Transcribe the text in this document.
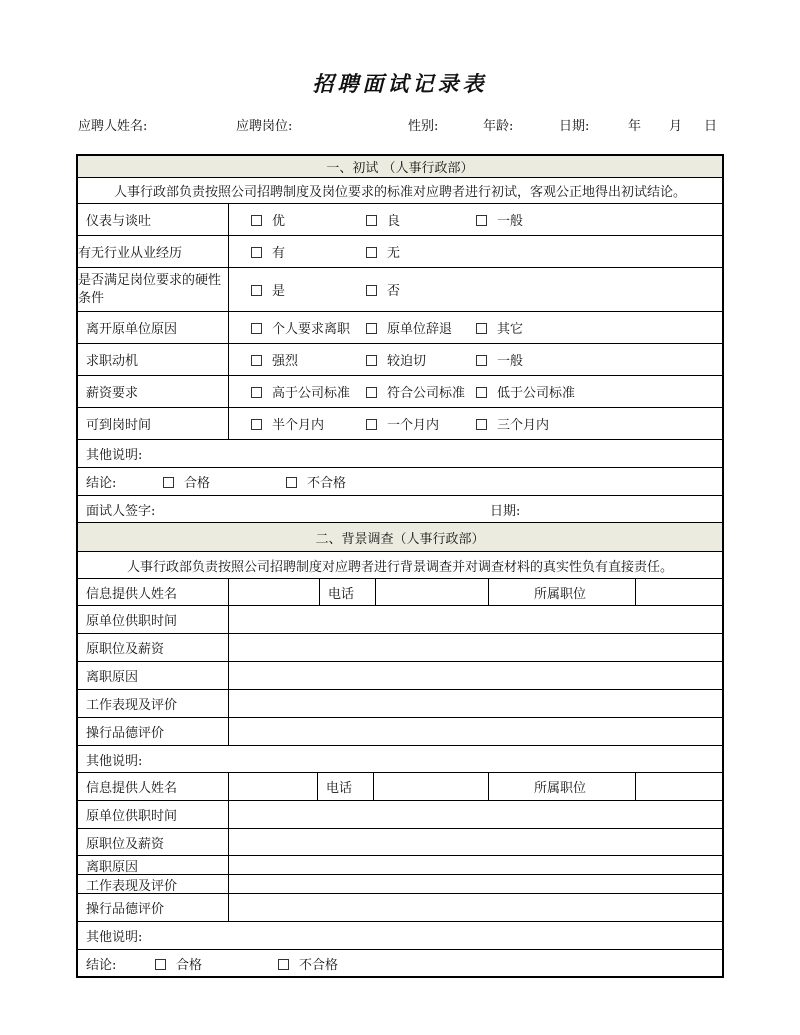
招聘面试记录表
应聘人姓名:	应聘岗位:	性别:	年龄:	日期:	年 月 日
一、初试 （人事行政部）
人事行政部负责按照公司招聘制度及岗位要求的标准对应聘者进行初试，客观公正地得出初试结论。
仪表与谈吐	优	良	一般
有无行业从业经历	有	无
是否满足岗位要求的硬性条件	是	否
离开原单位原因	个人要求离职	原单位辞退	其它
求职动机	强烈	较迫切	一般
薪资要求	高于公司标准	符合公司标准 低于公司标准
可到岗时间	半个月内	一个月内	三个月内
其他说明:
结论:	合格	不合格
面试人签字:	日期:
二、背景调查（人事行政部）
人事行政部负责按照公司招聘制度对应聘者进行背景调查并对调查材料的真实性负有直接责任。
信息提供人姓名	电话	所属职位
原单位供职时间
原职位及薪资
离职原因
工作表现及评价
操行品德评价
其他说明:
信息提供人姓名	电话	所属职位
原单位供职时间
原职位及薪资
离职原因
工作表现及评价
操行品德评价
其他说明:
结论:	合格	不合格
